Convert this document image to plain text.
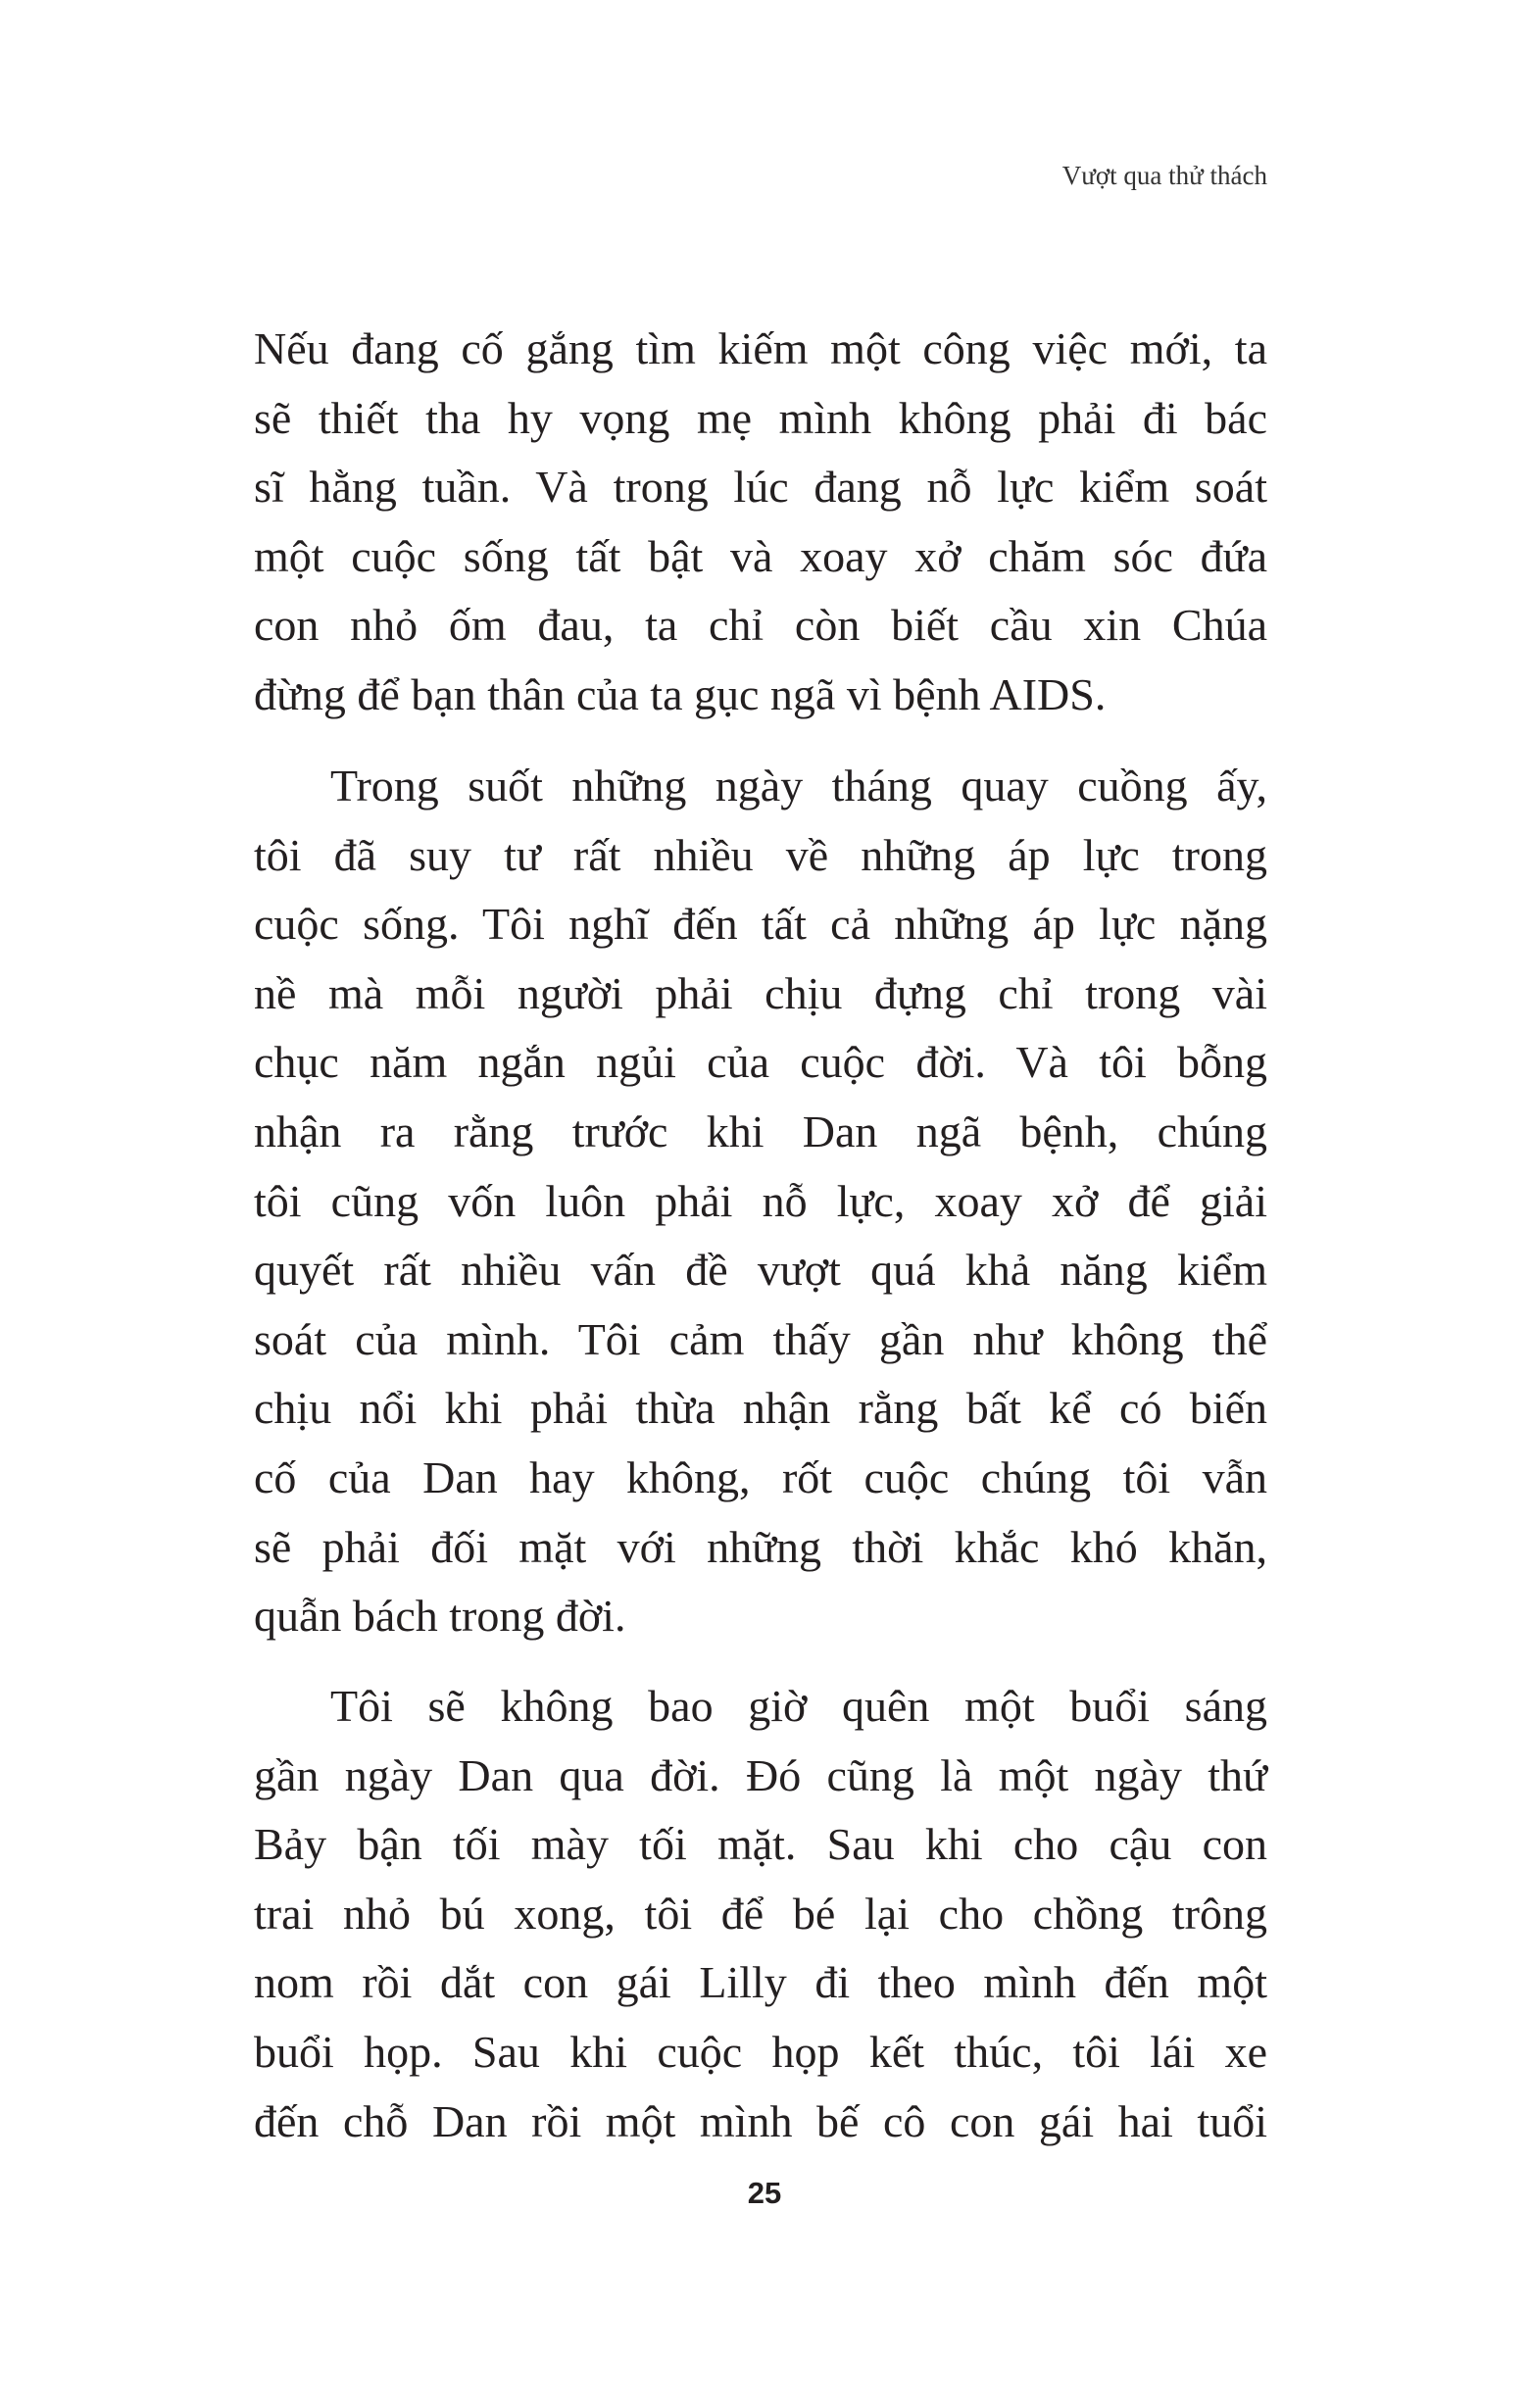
Vượt qua thử thách
Nếu đang cố gắng tìm kiếm một công việc mới, ta
sẽ thiết tha hy vọng mẹ mình không phải đi bác
sĩ hằng tuần. Và trong lúc đang nỗ lực kiểm soát
một cuộc sống tất bật và xoay xở chăm sóc đứa
con nhỏ ốm đau, ta chỉ còn biết cầu xin Chúa
đừng để bạn thân của ta gục ngã vì bệnh AIDS.
Trong suốt những ngày tháng quay cuồng ấy,
tôi đã suy tư rất nhiều về những áp lực trong
cuộc sống. Tôi nghĩ đến tất cả những áp lực nặng
nề mà mỗi người phải chịu đựng chỉ trong vài
chục năm ngắn ngủi của cuộc đời. Và tôi bỗng
nhận ra rằng trước khi Dan ngã bệnh, chúng
tôi cũng vốn luôn phải nỗ lực, xoay xở để giải
quyết rất nhiều vấn đề vượt quá khả năng kiểm
soát của mình. Tôi cảm thấy gần như không thể
chịu nổi khi phải thừa nhận rằng bất kể có biến
cố của Dan hay không, rốt cuộc chúng tôi vẫn
sẽ phải đối mặt với những thời khắc khó khăn,
quẫn bách trong đời.
Tôi sẽ không bao giờ quên một buổi sáng
gần ngày Dan qua đời. Đó cũng là một ngày thứ
Bảy bận tối mày tối mặt. Sau khi cho cậu con
trai nhỏ bú xong, tôi để bé lại cho chồng trông
nom rồi dắt con gái Lilly đi theo mình đến một
buổi họp. Sau khi cuộc họp kết thúc, tôi lái xe
đến chỗ Dan rồi một mình bế cô con gái hai tuổi
25
